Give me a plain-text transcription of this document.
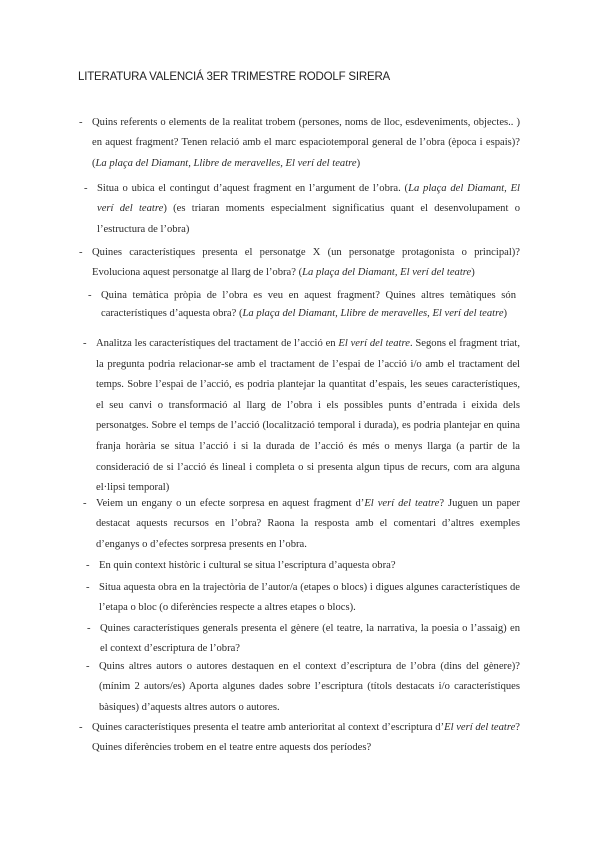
LITERATURA VALENCIÁ 3ER TRIMESTRE RODOLF SIRERA
- Quins referents o elements de la realitat trobem (persones, noms de lloc, esdeveniments, objectes.. ) en aquest fragment? Tenen relació amb el marc espaciotemporal general de l’obra (època i espais)? (La plaça del Diamant, Llibre de meravelles, El verí del teatre)
- Situa o ubica el contingut d’aquest fragment en l’argument de l’obra. (La plaça del Diamant, El verí del teatre) (es triaran moments especialment significatius quant el desenvolupament o l’estructura de l’obra)
- Quines característiques presenta el personatge X (un personatge protagonista o principal)? Evoluciona aquest personatge al llarg de l’obra? (La plaça del Diamant, El verí del teatre)
- Quina temàtica pròpia de l’obra es veu en aquest fragment? Quines altres temàtiques són característiques d’aquesta obra? (La plaça del Diamant, Llibre de meravelles, El verí del teatre)
- Analitza les característiques del tractament de l’acció en El verí del teatre. Segons el fragment triat, la pregunta podria relacionar-se amb el tractament de l’espai de l’acció i/o amb el tractament del temps. Sobre l’espai de l’acció, es podria plantejar la quantitat d’espais, les seues característiques, el seu canvi o transformació al llarg de l’obra i els possibles punts d’entrada i eixida dels personatges. Sobre el temps de l’acció (localització temporal i durada), es podria plantejar en quina franja horària se situa l’acció i si la durada de l’acció és més o menys llarga (a partir de la consideració de si l’acció és lineal i completa o si presenta algun tipus de recurs, com ara alguna el·lipsi temporal)
- Veiem un engany o un efecte sorpresa en aquest fragment d’El verí del teatre? Juguen un paper destacat aquests recursos en l’obra? Raona la resposta amb el comentari d’altres exemples d’enganys o d’efectes sorpresa presents en l’obra.
- En quin context històric i cultural se situa l’escriptura d’aquesta obra?
- Situa aquesta obra en la trajectòria de l’autor/a (etapes o blocs) i digues algunes característiques de l’etapa o bloc (o diferències respecte a altres etapes o blocs).
- Quines característiques generals presenta el gènere (el teatre, la narrativa, la poesia o l’assaig) en el context d’escriptura de l’obra?
- Quins altres autors o autores destaquen en el context d’escriptura de l’obra (dins del gènere)? (mínim 2 autors/es) Aporta algunes dades sobre l’escriptura (títols destacats i/o característiques bàsiques) d’aquests altres autors o autores.
- Quines característiques presenta el teatre amb anterioritat al context d’escriptura d’El verí del teatre? Quines diferències trobem en el teatre entre aquests dos períodes?
